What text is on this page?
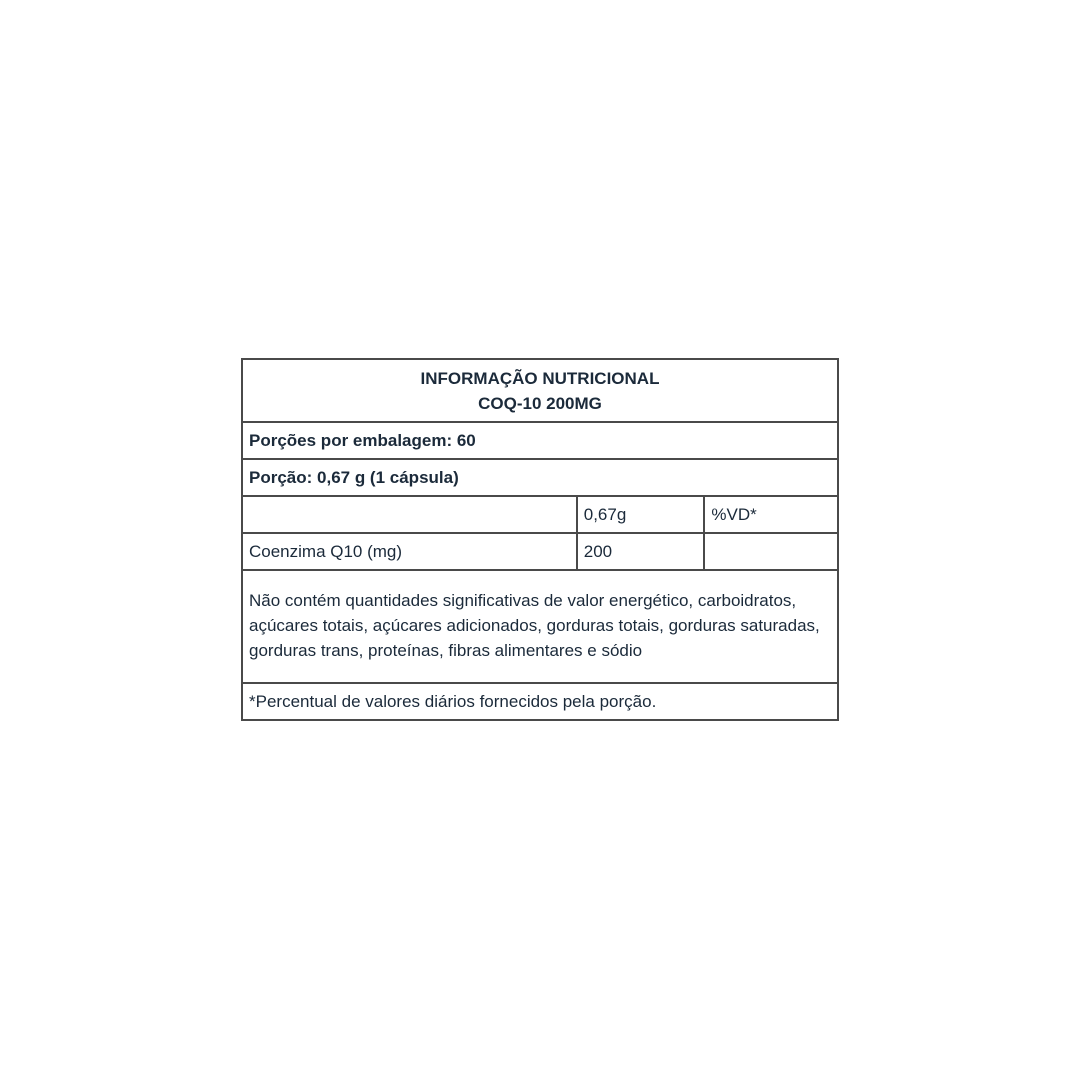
INFORMAÇÃO NUTRICIONAL
COQ-10 200MG		

Porções por embalagem: 60		
Porção: 0,67 g (1 cápsula)		
	0,67g	%VD*
Coenzima Q10 (mg)	200	
Não contém quantidades significativas de valor energético, carboidratos, açúcares totais, açúcares adicionados, gorduras totais, gorduras saturadas, gorduras trans, proteínas, fibras alimentares e sódio		
*Percentual de valores diários fornecidos pela porção.		
